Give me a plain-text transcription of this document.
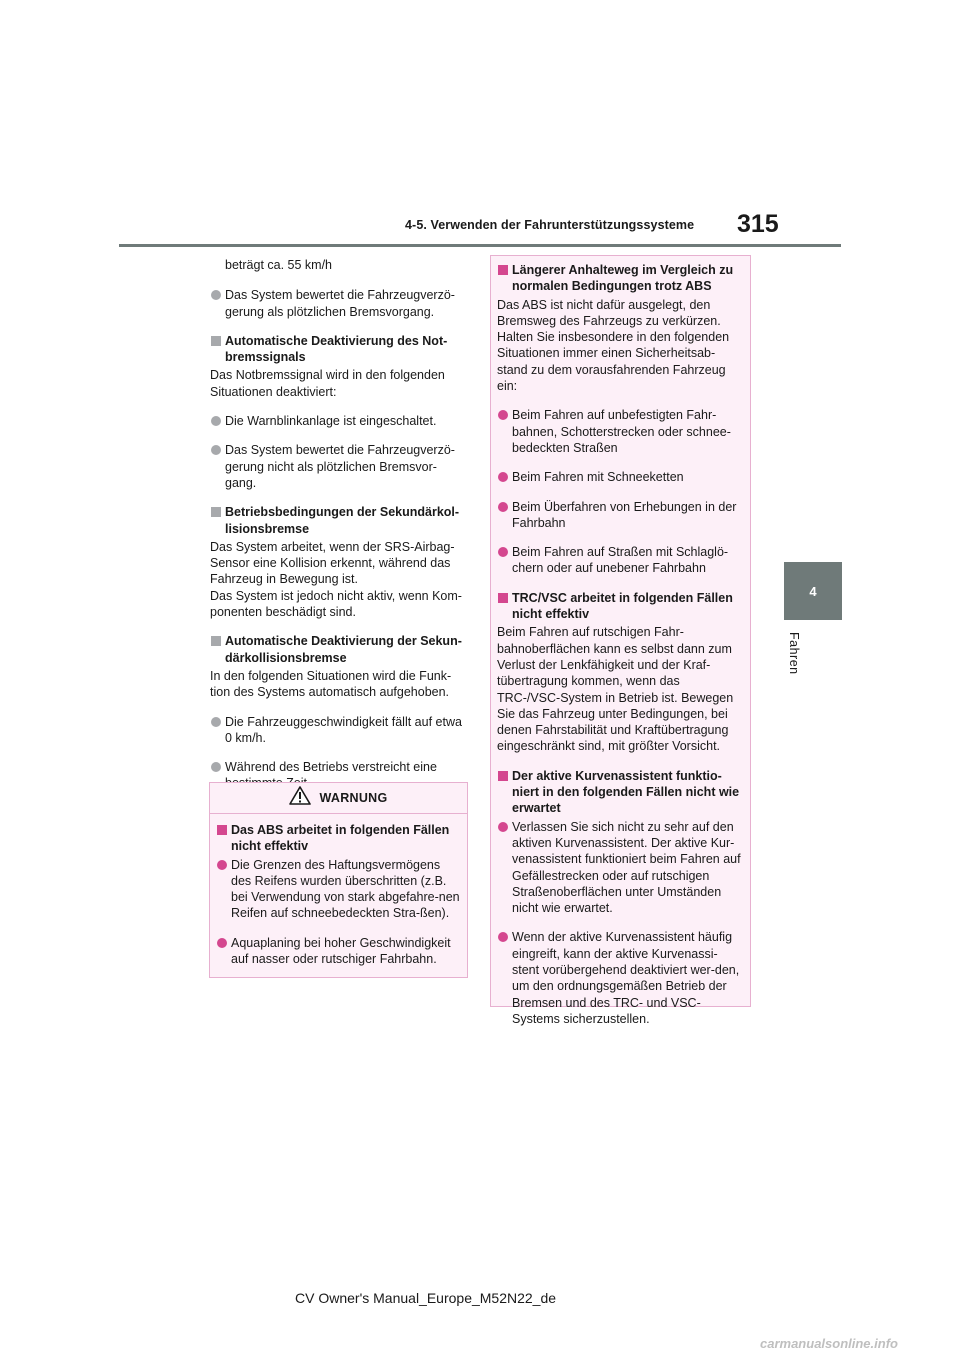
4-5. Verwenden der Fahrunterstützungssysteme 315
4
Fahren
beträgt ca. 55 km/h
Das System bewertet die Fahrzeugverzö-gerung als plötzlichen Bremsvorgang.
Automatische Deaktivierung des Not-bremssignals
Das Notbremssignal wird in den folgenden Situationen deaktiviert:
Die Warnblinkanlage ist eingeschaltet.
Das System bewertet die Fahrzeugverzö-gerung nicht als plötzlichen Bremsvor-gang.
Betriebsbedingungen der Sekundärkol-lisionsbremse
Das System arbeitet, wenn der SRS-Airbag-Sensor eine Kollision erkennt, während das Fahrzeug in Bewegung ist.
Das System ist jedoch nicht aktiv, wenn Kom-ponenten beschädigt sind.
Automatische Deaktivierung der Sekun-därkollisionsbremse
In den folgenden Situationen wird die Funk-tion des Systems automatisch aufgehoben.
Die Fahrzeuggeschwindigkeit fällt auf etwa 0 km/h.
Während des Betriebs verstreicht eine
WARNUNG
Das ABS arbeitet in folgenden Fällen nicht effektiv
Die Grenzen des Haftungsvermögens des Reifens wurden überschritten (z.B. bei Verwendung von stark abgefahre-nen Reifen auf schneebedeckten Stra-ßen).
Aquaplaning bei hoher Geschwindigkeit auf nasser oder rutschiger Fahrbahn.
Längerer Anhalteweg im Vergleich zu normalen Bedingungen trotz ABS
Das ABS ist nicht dafür ausgelegt, den Bremsweg des Fahrzeugs zu verkürzen. Halten Sie insbesondere in den folgenden Situationen immer einen Sicherheitsab-stand zu dem vorausfahrenden Fahrzeug ein:
Beim Fahren auf unbefestigten Fahr-bahnen, Schotterstrecken oder schnee-bedeckten Straßen
Beim Fahren mit Schneeketten
Beim Überfahren von Erhebungen in der Fahrbahn
Beim Fahren auf Straßen mit Schlaglö-chern oder auf unebener Fahrbahn
TRC/VSC arbeitet in folgenden Fällen nicht effektiv
Beim Fahren auf rutschigen Fahr-bahnoberflächen kann es selbst dann zum Verlust der Lenkfähigkeit und der Kraf-tübertragung kommen, wenn das TRC-/VSC-System in Betrieb ist. Bewegen Sie das Fahrzeug unter Bedingungen, bei denen Fahrstabilität und Kraftübertragung eingeschränkt sind, mit größter Vorsicht.
Der aktive Kurvenassistent funktio-niert in den folgenden Fällen nicht wie erwartet
Verlassen Sie sich nicht zu sehr auf den aktiven Kurvenassistent. Der aktive Kur-venassistent funktioniert beim Fahren auf Gefällestrecken oder auf rutschigen Straßenoberflächen unter Umständen nicht wie erwartet.
Wenn der aktive Kurvenassistent häufig eingreift, kann der aktive Kurvenassi-stent vorübergehend deaktiviert wer-den, um den ordnungsgemäßen Betrieb der Bremsen und des TRC- und VSC-Systems sicherzustellen.
CV Owner's Manual_Europe_M52N22_de
carmanualsonline.info
